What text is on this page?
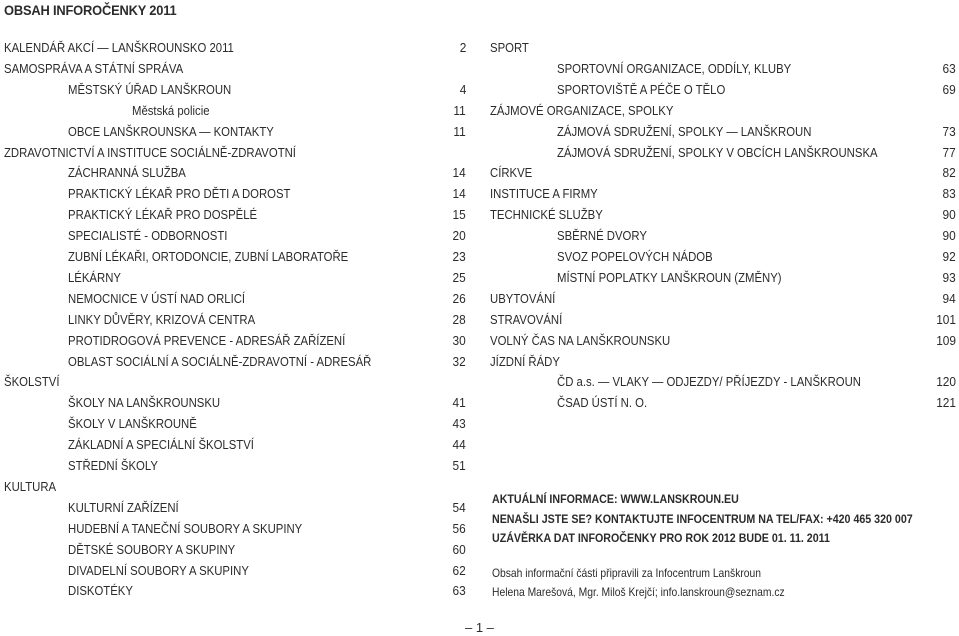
OBSAH INFOROČENKY 2011
KALENDÁŘ AKCÍ — LANŠKROUNSKO 2011	2
SAMOSPRÁVA A STÁTNÍ SPRÁVA
MĚSTSKÝ ÚŘAD LANŠKROUN	4
Městská policie	11
OBCE LANŠKROUNSKA — KONTAKTY	11
ZDRAVOTNICTVÍ A INSTITUCE SOCIÁLNĚ-ZDRAVOTNÍ
ZÁCHRANNÁ SLUŽBA	14
PRAKTICKÝ LÉKAŘ PRO DĚTI A DOROST	14
PRAKTICKÝ LÉKAŘ PRO DOSPĚLÉ	15
SPECIALISTÉ - ODBORNOSTI	20
ZUBNÍ LÉKAŘI, ORTODONCIE, ZUBNÍ LABORATOŘE	23
LÉKÁRNY	25
NEMOCNICE V ÚSTÍ NAD ORLICÍ	26
LINKY DŮVĚRY, KRIZOVÁ CENTRA	28
PROTIDROGOVÁ PREVENCE - ADRESÁŘ ZAŘÍZENÍ	30
OBLAST SOCIÁLNÍ A SOCIÁLNĚ-ZDRAVOTNÍ - ADRESÁŘ	32
ŠKOLSTVÍ
ŠKOLY NA LANŠKROUNSKU	41
ŠKOLY V LANŠKROUNĚ	43
ZÁKLADNÍ A SPECIÁLNÍ ŠKOLSTVÍ	44
STŘEDNÍ ŠKOLY	51
KULTURA
KULTURNÍ ZAŘÍZENÍ	54
HUDEBNÍ A TANEČNÍ SOUBORY A SKUPINY	56
DĚTSKÉ SOUBORY A SKUPINY	60
DIVADELNÍ SOUBORY A SKUPINY	62
DISKOTÉKY	63
SPORT
SPORTOVNÍ ORGANIZACE, ODDÍLY, KLUBY	63
SPORTOVIŠTĚ A PÉČE O TĚLO	69
ZÁJMOVÉ ORGANIZACE, SPOLKY
ZÁJMOVÁ SDRUŽENÍ, SPOLKY — LANŠKROUN	73
ZÁJMOVÁ SDRUŽENÍ, SPOLKY V OBCÍCH LANŠKROUNSKA	77
CÍRKVE	82
INSTITUCE A FIRMY	83
TECHNICKÉ SLUŽBY	90
SBĚRNÉ DVORY	90
SVOZ POPELOVÝCH NÁDOB	92
MÍSTNÍ POPLATKY LANŠKROUN (ZMĚNY)	93
UBYTOVÁNÍ	94
STRAVOVÁNÍ	101
VOLNÝ ČAS NA LANŠKROUNSKU	109
JÍZDNÍ ŘÁDY
ČD a.s. — VLAKY — ODJEZDY/ PŘÍJEZDY - LANŠKROUN	120
ČSAD ÚSTÍ N. O.	121
AKTUÁLNÍ INFORMACE: WWW.LANSKROUN.EU
NENAŠLI JSTE SE? KONTAKTUJTE INFOCENTRUM NA TEL/FAX: +420 465 320 007
UZÁVĚRKA DAT INFOROČENKY PRO ROK 2012 BUDE 01. 11. 2011
Obsah informační části připravili za Infocentrum Lanškroun
Helena Marešová, Mgr. Miloš Krejčí; info.lanskroun@seznam.cz
– 1 –
